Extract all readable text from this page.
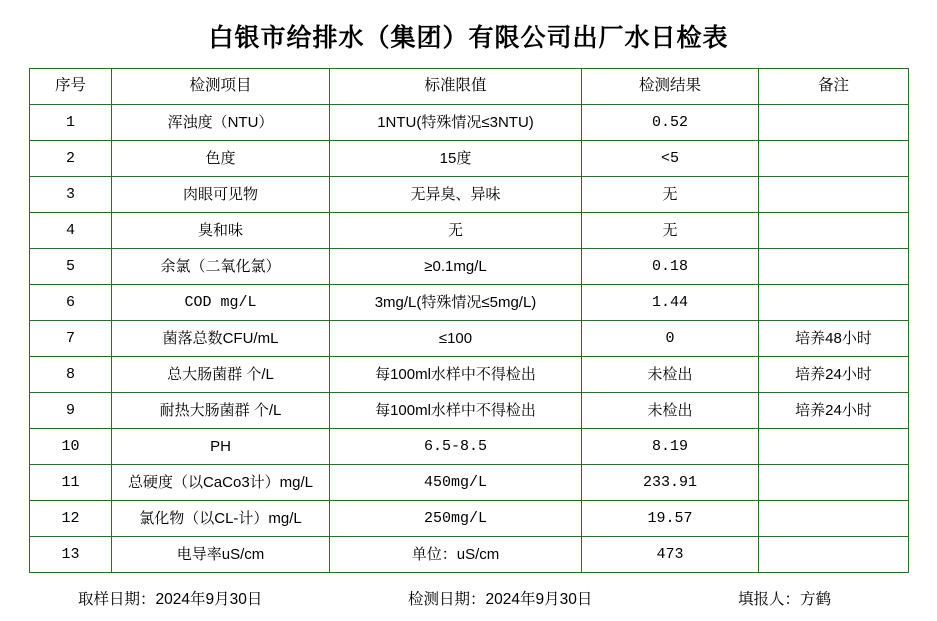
白银市给排水（集团）有限公司出厂水日检表
序号	检测项目	标准限值	检测结果	备注
1	浑浊度（NTU）	1NTU(特殊情况≤3NTU)	0.52	
2	色度	15度	<5	
3	肉眼可见物	无异臭、异味	无	
4	臭和味	无	无	
5	余氯（二氧化氯）	≥0.1mg/L	0.18	
6	COD mg/L	3mg/L(特殊情况≤5mg/L)	1.44	
7	菌落总数CFU/mL	≤100	0	培养48小时
8	总大肠菌群 个/L	每100ml水样中不得检出	未检出	培养24小时
9	耐热大肠菌群 个/L	每100ml水样中不得检出	未检出	培养24小时
10	PH	6.5-8.5	8.19	
11	总硬度（以CaCo3计）mg/L	450mg/L	233.91	
12	氯化物（以CL-计）mg/L	250mg/L	19.57	
13	电导率uS/cm	单位：uS/cm	473	
取样日期：2024年9月30日	检测日期：2024年9月30日	填报人：方鹤
